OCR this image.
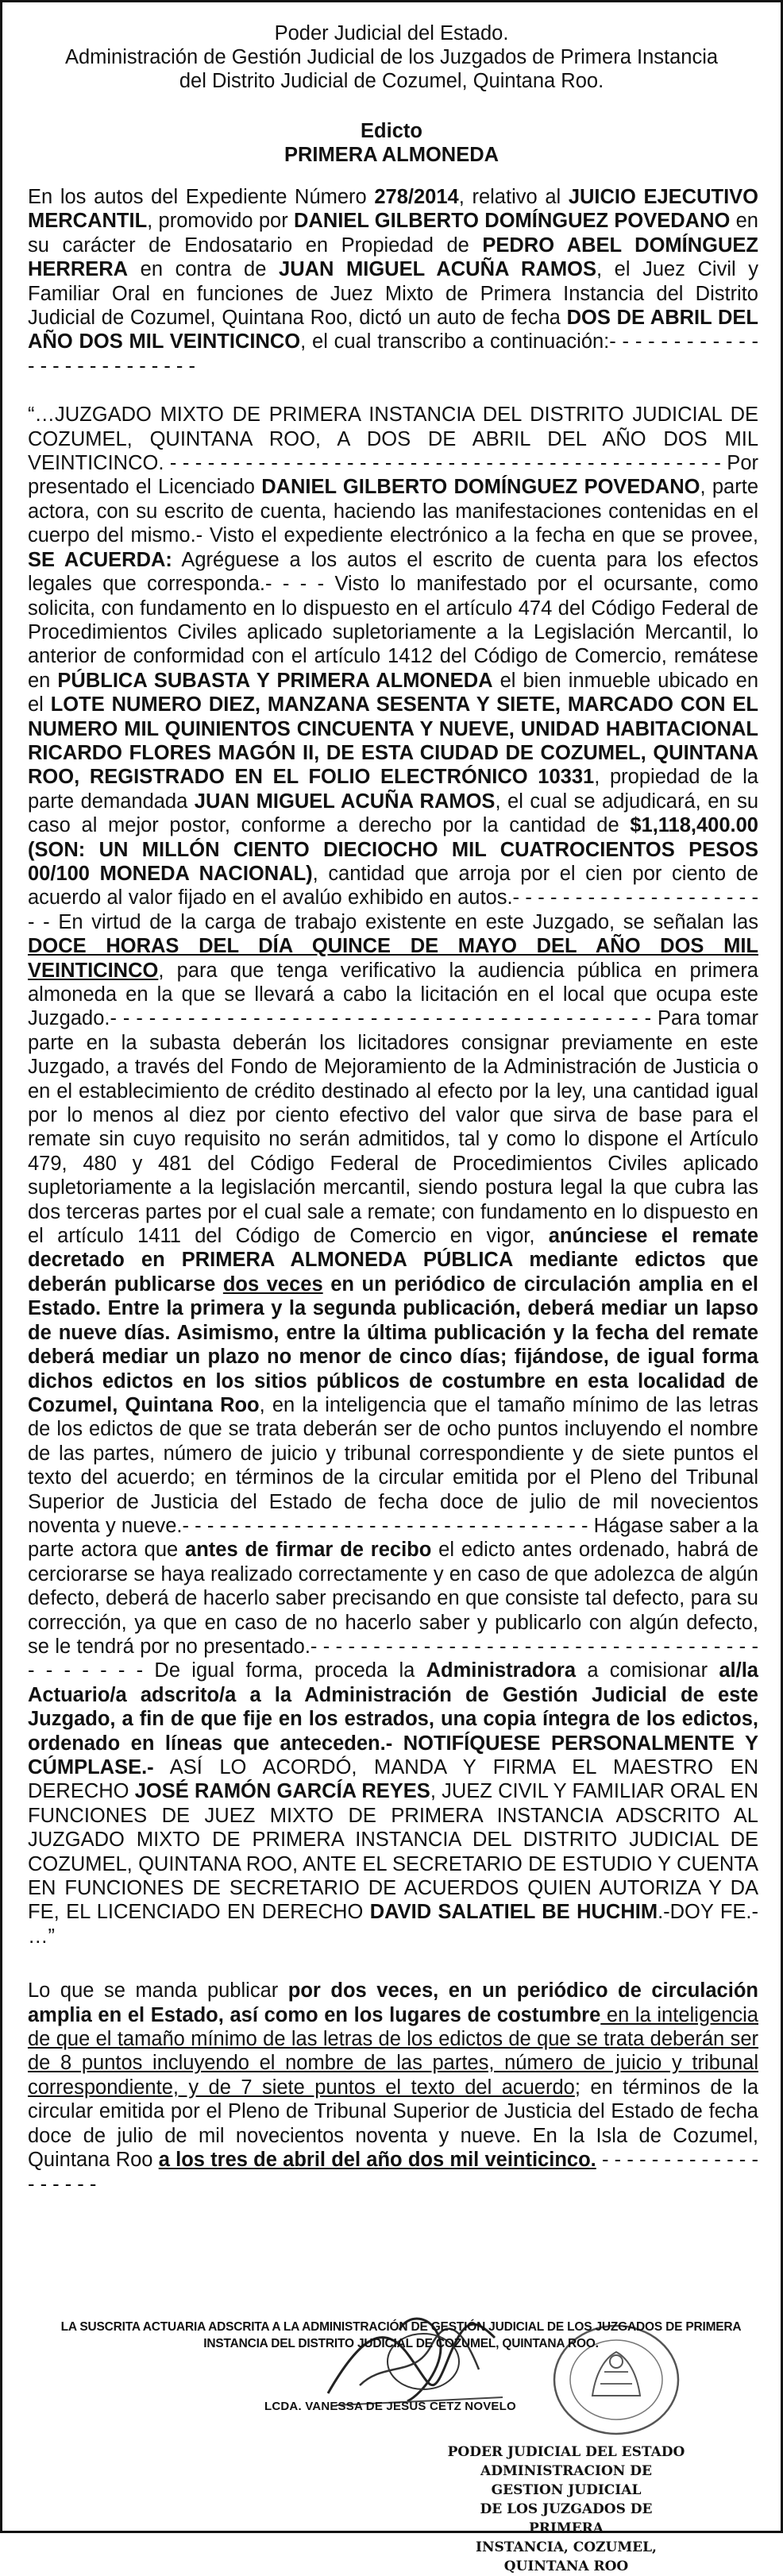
Poder Judicial del Estado.
Administración de Gestión Judicial de los Juzgados de Primera Instancia
del Distrito Judicial de Cozumel, Quintana Roo.
Edicto
PRIMERA ALMONEDA

En los autos del Expediente Número 278/2014, relativo al JUICIO EJECUTIVO MERCANTIL, promovido por DANIEL GILBERTO DOMÍNGUEZ POVEDANO en su carácter de Endosatario en Propiedad de PEDRO ABEL DOMÍNGUEZ HERRERA en contra de JUAN MIGUEL ACUÑA RAMOS, el Juez Civil y Familiar Oral en funciones de Juez Mixto de Primera Instancia del Distrito Judicial de Cozumel, Quintana Roo, dictó un auto de fecha DOS DE ABRIL DEL AÑO DOS MIL VEINTICINCO, el cual transcribo a continuación:- - - - - - - - - - - - - - - - - - - - - - - - - -

“…JUZGADO MIXTO DE PRIMERA INSTANCIA DEL DISTRITO JUDICIAL DE COZUMEL, QUINTANA ROO, A DOS DE ABRIL DEL AÑO DOS MIL VEINTICINCO. - - - - - - - - - - - - - - - - - - - - - - - - - - - - - - - - - - - - - - - - - - - - Por presentado el Licenciado DANIEL GILBERTO DOMÍNGUEZ POVEDANO, parte actora, con su escrito de cuenta, haciendo las manifestaciones contenidas en el cuerpo del mismo.- Visto el expediente electrónico a la fecha en que se provee, SE ACUERDA: Agréguese a los autos el escrito de cuenta para los efectos legales que corresponda.- - - - Visto lo manifestado por el ocursante, como solicita, con fundamento en lo dispuesto en el artículo 474 del Código Federal de Procedimientos Civiles aplicado supletoriamente a la Legislación Mercantil, lo anterior de conformidad con el artículo 1412 del Código de Comercio, remátese en PÚBLICA SUBASTA Y PRIMERA ALMONEDA el bien inmueble ubicado en el LOTE NUMERO DIEZ, MANZANA SESENTA Y SIETE, MARCADO CON EL NUMERO MIL QUINIENTOS CINCUENTA Y NUEVE, UNIDAD HABITACIONAL RICARDO FLORES MAGÓN II, DE ESTA CIUDAD DE COZUMEL, QUINTANA ROO, REGISTRADO EN EL FOLIO ELECTRÓNICO 10331, propiedad de la parte demandada JUAN MIGUEL ACUÑA RAMOS, el cual se adjudicará, en su caso al mejor postor, conforme a derecho por la cantidad de $1,118,400.00 (SON: UN MILLÓN CIENTO DIECIOCHO MIL CUATROCIENTOS PESOS 00/100 MONEDA NACIONAL), cantidad que arroja por el cien por ciento de acuerdo al valor fijado en el avalúo exhibido en autos.- - - - - - - - - - - - - - - - - - - - - - En virtud de la carga de trabajo existente en este Juzgado, se señalan las DOCE HORAS DEL DÍA QUINCE DE MAYO DEL AÑO DOS MIL VEINTICINCO, para que tenga verificativo la audiencia pública en primera almoneda en la que se llevará a cabo la licitación en el local que ocupa este Juzgado.- - - - - - - - - - - - - - - - - - - - - - - - - - - - - - - - - - - - - - - - - - Para tomar parte en la subasta deberán los licitadores consignar previamente en este Juzgado, a través del Fondo de Mejoramiento de la Administración de Justicia o en el establecimiento de crédito destinado al efecto por la ley, una cantidad igual por lo menos al diez por ciento efectivo del valor que sirva de base para el remate sin cuyo requisito no serán admitidos, tal y como lo dispone el Artículo 479, 480 y 481 del Código Federal de Procedimientos Civiles aplicado supletoriamente a la legislación mercantil, siendo postura legal la que cubra las dos terceras partes por el cual sale a remate; con fundamento en lo dispuesto en el artículo 1411 del Código de Comercio en vigor, anúnciese el remate decretado en PRIMERA ALMONEDA PÚBLICA mediante edictos que deberán publicarse dos veces en un periódico de circulación amplia en el Estado. Entre la primera y la segunda publicación, deberá mediar un lapso de nueve días. Asimismo, entre la última publicación y la fecha del remate deberá mediar un plazo no menor de cinco días; fijándose, de igual forma dichos edictos en los sitios públicos de costumbre en esta localidad de Cozumel, Quintana Roo, en la inteligencia que el tamaño mínimo de las letras de los edictos de que se trata deberán ser de ocho puntos incluyendo el nombre de las partes, número de juicio y tribunal correspondiente y de siete puntos el texto del acuerdo; en términos de la circular emitida por el Pleno del Tribunal Superior de Justicia del Estado de fecha doce de julio de mil novecientos noventa y nueve.- - - - - - - - - - - - - - - - - - - - - - - - - - - - - - - - - Hágase saber a la parte actora que antes de firmar de recibo el edicto antes ordenado, habrá de cerciorarse se haya realizado correctamente y en caso de que adolezca de algún defecto, deberá de hacerlo saber precisando en que consiste tal defecto, para su corrección, ya que en caso de no hacerlo saber y publicarlo con algún defecto, se le tendrá por no presentado.- - - - - - - - - - - - - - - - - - - - - - - - - - - - - - - - - - - - - - - - - - - De igual forma, proceda la Administradora a comisionar al/la Actuario/a adscrito/a a la Administración de Gestión Judicial de este Juzgado, a fin de que fije en los estrados, una copia íntegra de los edictos, ordenado en líneas que anteceden.- NOTIFÍQUESE PERSONALMENTE Y CÚMPLASE.- ASÍ LO ACORDÓ, MANDA Y FIRMA EL MAESTRO EN DERECHO JOSÉ RAMÓN GARCÍA REYES, JUEZ CIVIL Y FAMILIAR ORAL EN FUNCIONES DE JUEZ MIXTO DE PRIMERA INSTANCIA ADSCRITO AL JUZGADO MIXTO DE PRIMERA INSTANCIA DEL DISTRITO JUDICIAL DE COZUMEL, QUINTANA ROO, ANTE EL SECRETARIO DE ESTUDIO Y CUENTA EN FUNCIONES DE SECRETARIO DE ACUERDOS QUIEN AUTORIZA Y DA FE, EL LICENCIADO EN DERECHO DAVID SALATIEL BE HUCHIM.-DOY FE.- …”

Lo que se manda publicar por dos veces, en un periódico de circulación amplia en el Estado, así como en los lugares de costumbre en la inteligencia de que el tamaño mínimo de las letras de los edictos de que se trata deberán ser de 8 puntos incluyendo el nombre de las partes, número de juicio y tribunal correspondiente, y de 7 siete puntos el texto del acuerdo; en términos de la circular emitida por el Pleno de Tribunal Superior de Justicia del Estado de fecha doce de julio de mil novecientos noventa y nueve. En la Isla de Cozumel, Quintana Roo a los tres de abril del año dos mil veinticinco. - - - - - - - - - - - - - - - - - - -

LA SUSCRITA ACTUARIA ADSCRITA A LA ADMINISTRACIÓN DE GESTIÓN JUDICIAL DE LOS JUZGADOS DE PRIMERA INSTANCIA DEL DISTRITO JUDICIAL DE COZUMEL, QUINTANA ROO.
LCDA. VANESSA DE JESUS CETZ NOVELO
PODER JUDICIAL DEL ESTADO
ADMINISTRACION DE GESTION JUDICIAL
DE LOS JUZGADOS DE PRIMERA
INSTANCIA, COZUMEL, QUINTANA ROO
